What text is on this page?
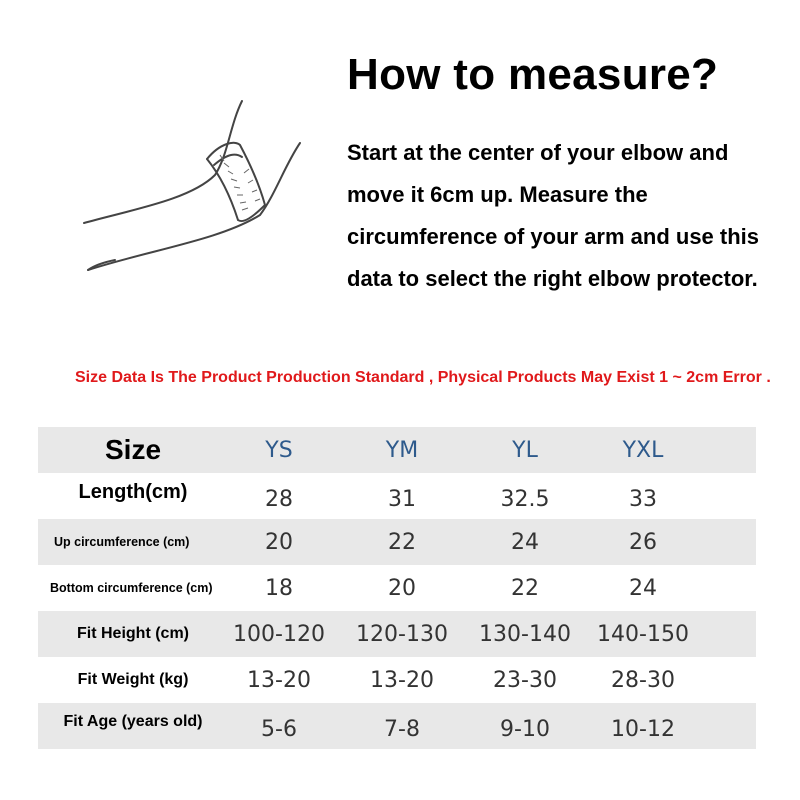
How to measure?
Start at the center of your elbow and move it 6cm up. Measure the circumference of your arm and use this data to select the right elbow protector.
Size Data Is The Product Production Standard , Physical Products May Exist 1 ~ 2cm Error .
Size	YS	YM	YL	YXL
Length(cm)	28	31	32.5	33
Up circumference (cm)	20	22	24	26
Bottom circumference (cm)	18	20	22	24
Fit Height (cm)	100-120	120-130	130-140	140-150
Fit Weight (kg)	13-20	13-20	23-30	28-30
Fit Age (years old)	5-6	7-8	9-10	10-12
